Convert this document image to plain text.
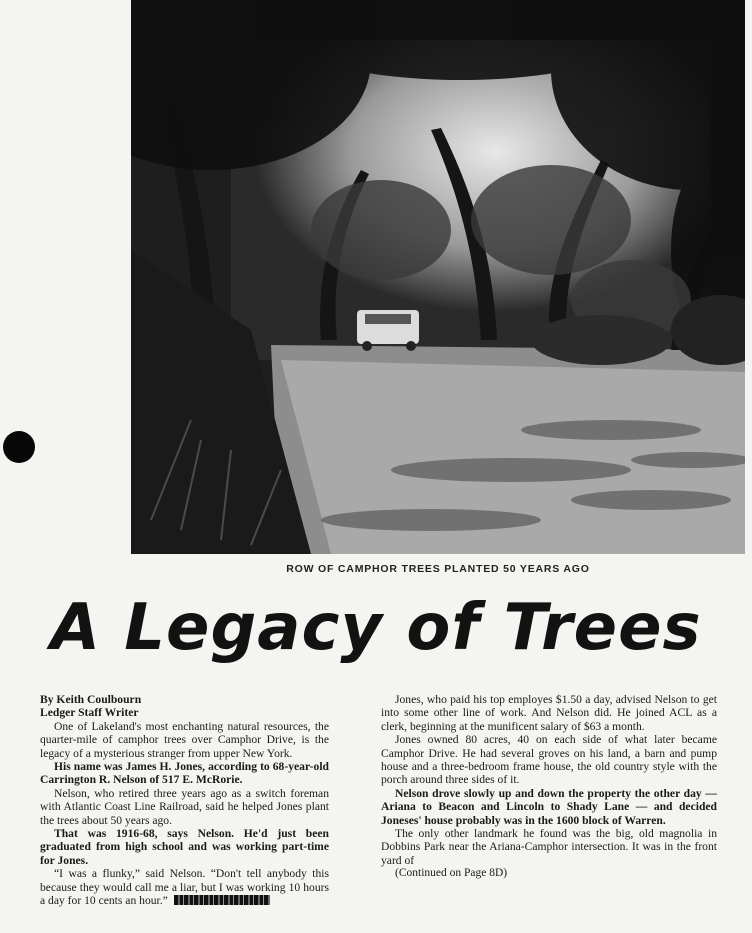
ROW OF CAMPHOR TREES PLANTED 50 YEARS AGO
A Legacy of Trees

By Keith Coulbourn

Ledger Staff Writer

One of Lakeland's most enchanting natural resources, the quarter-mile of camphor trees over Camphor Drive, is the legacy of a mysterious stranger from upper New York.

His name was James H. Jones, according to 68-year-old Carrington R. Nelson of 517 E. McRorie.

Nelson, who retired three years ago as a switch foreman with Atlantic Coast Line Railroad, said he helped Jones plant the trees about 50 years ago.

That was 1916-68, says Nelson. He'd just been graduated from high school and was working part-time for Jones.

“I was a flunky,” said Nelson. “Don't tell anybody this because they would call me a liar, but I was working 10 hours a day for 10 cents an hour.”

Jones, who paid his top employes $1.50 a day, advised Nelson to get into some other line of work. And Nelson did. He joined ACL as a clerk, beginning at the munificent salary of $63 a month.

Jones owned 80 acres, 40 on each side of what later became Camphor Drive. He had several groves on his land, a barn and pump house and a three-bedroom frame house, the old country style with the porch around three sides of it.

Nelson drove slowly up and down the property the other day — Ariana to Beacon and Lincoln to Shady Lane — and decided Joneses' house probably was in the 1600 block of Warren.

The only other landmark he found was the big, old magnolia in Dobbins Park near the Ariana-Camphor intersection. It was in the front yard of

(Continued on Page 8D)
